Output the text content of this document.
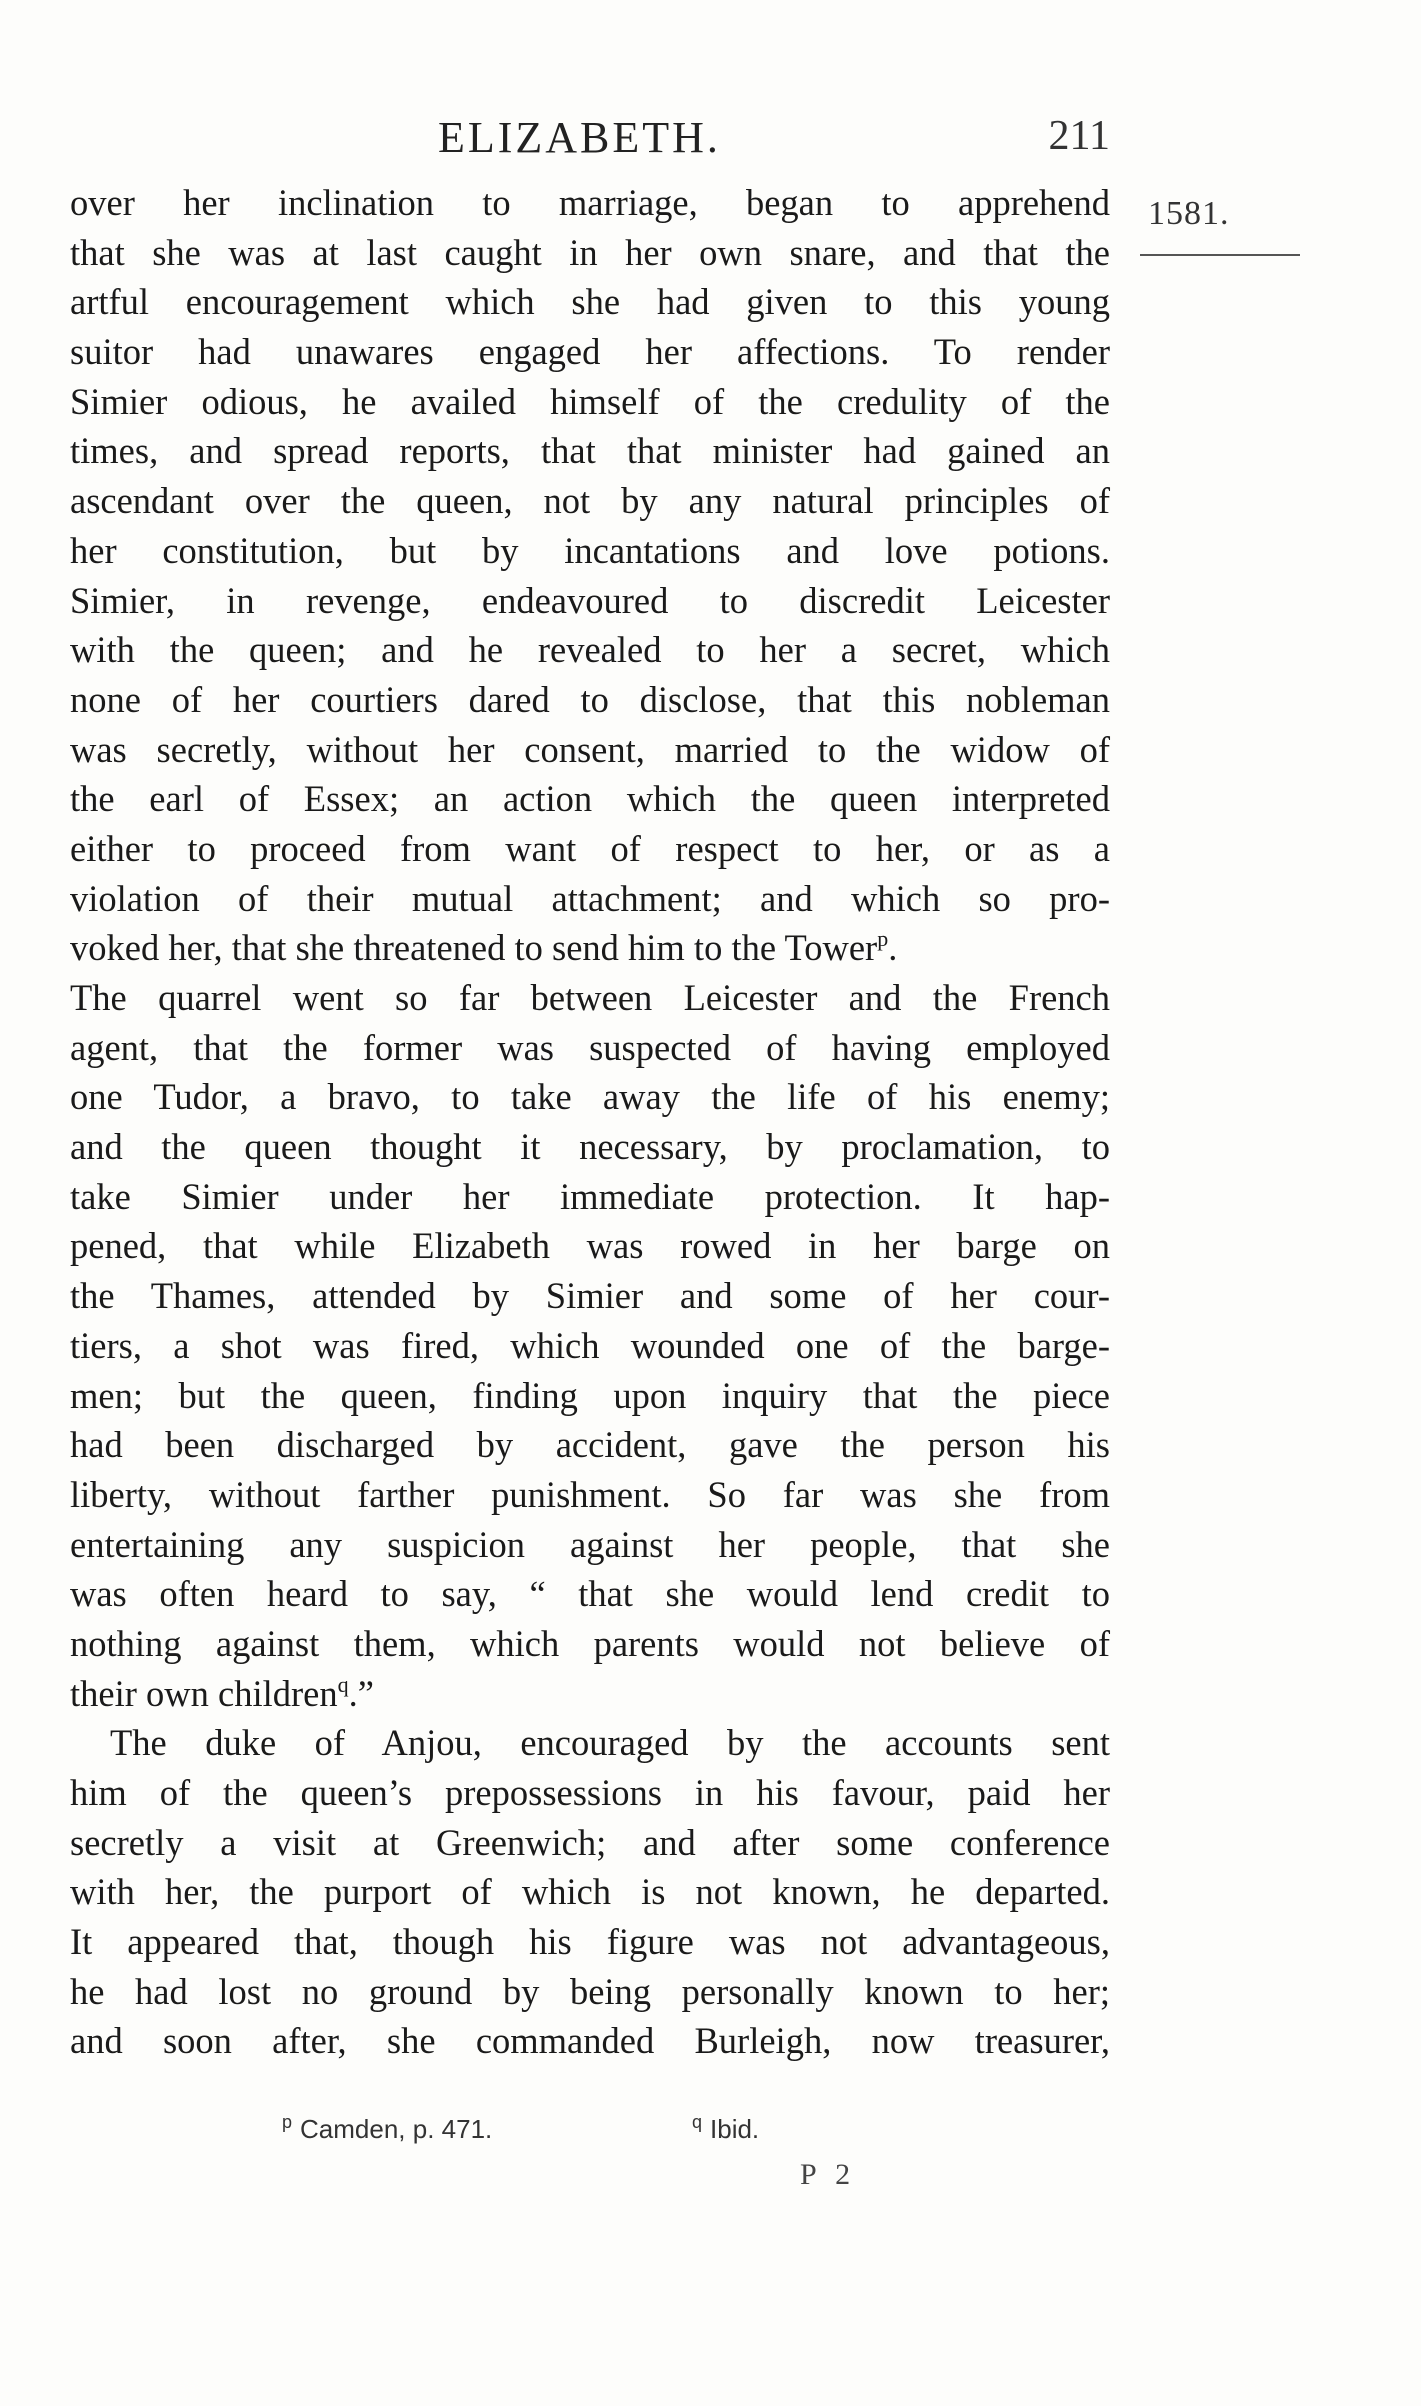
ELIZABETH.	211
1581.
over her inclination to marriage, began to apprehend
that she was at last caught in her own snare, and that the
artful encouragement which she had given to this young
suitor had unawares engaged her affections. To render
Simier odious, he availed himself of the credulity of the
times, and spread reports, that that minister had gained an
ascendant over the queen, not by any natural principles of
her constitution, but by incantations and love potions.
Simier, in revenge, endeavoured to discredit Leicester
with the queen; and he revealed to her a secret, which
none of her courtiers dared to disclose, that this nobleman
was secretly, without her consent, married to the widow of
the earl of Essex; an action which the queen interpreted
either to proceed from want of respect to her, or as a
violation of their mutual attachment; and which so pro-
voked her, that she threatened to send him to the Tower$^p$.
The quarrel went so far between Leicester and the French
agent, that the former was suspected of having employed
one Tudor, a bravo, to take away the life of his enemy;
and the queen thought it necessary, by proclamation, to
take Simier under her immediate protection. It hap-
pened, that while Elizabeth was rowed in her barge on
the Thames, attended by Simier and some of her cour-
tiers, a shot was fired, which wounded one of the barge-
men; but the queen, finding upon inquiry that the piece
had been discharged by accident, gave the person his
liberty, without farther punishment. So far was she from
entertaining any suspicion against her people, that she
was often heard to say, “ that she would lend credit to
nothing against them, which parents would not believe of
their own children$^q$.”
The duke of Anjou, encouraged by the accounts sent
him of the queen’s prepossessions in his favour, paid her
secretly a visit at Greenwich; and after some conference
with her, the purport of which is not known, he departed.
It appeared that, though his figure was not advantageous,
he had lost no ground by being personally known to her;
and soon after, she commanded Burleigh, now treasurer,
$^p$ Camden, p. 471.	$^q$ Ibid.
P 2
